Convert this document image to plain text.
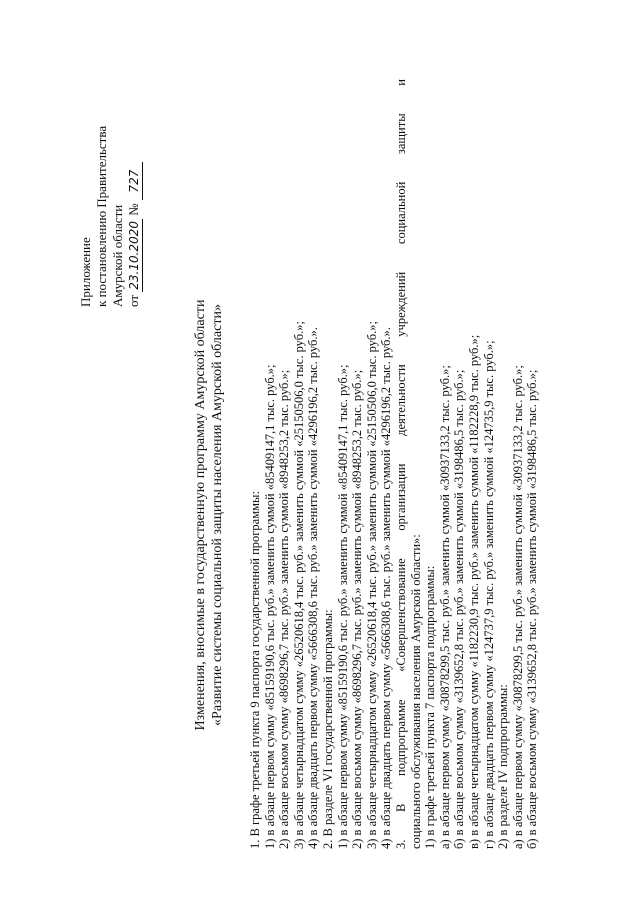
Приложение к постановлению Правительства Амурской области от 23.10.2020 № 727
Изменения, вносимые в государственную программу Амурской области «Развитие системы социальной защиты населения Амурской области» 1. В графе третьей пункта 9 паспорта государственной программы: 1) в абзаце первом сумму «85159190,6 тыс. руб.» заменить суммой «85409147,1 тыс. руб.»; 2) в абзаце восьмом сумму «8698296,7 тыс. руб.» заменить суммой «8948253,2 тыс. руб.»; 3) в абзаце четырнадцатом сумму «26520618,4 тыс. руб.» заменить суммой «25150506,0 тыс. руб.»; 4) в абзаце двадцать первом сумму «5666308,6 тыс. руб.» заменить суммой «4296196,2 тыс. руб.». 2. В разделе VI государственной программы: 1) в абзаце первом сумму «85159190,6 тыс. руб.» заменить суммой «85409147,1 тыс. руб.»; 2) в абзаце восьмом сумму «8698296,7 тыс. руб.» заменить суммой «8948253,2 тыс. руб.»; 3) в абзаце четырнадцатом сумму «26520618,4 тыс. руб.» заменить суммой «25150506,0 тыс. руб.»; 4) в абзаце двадцать первом сумму «5666308,6 тыс. руб.» заменить суммой «4296196,2 тыс. руб.». 3.
В
подпрограмме
«Совершенствование
организации
деятельности
учреждений
социальной
защиты
и
социального обслуживания населения Амурской области»: 1) в графе третьей пункта 7 паспорта подпрограммы: а) в абзаце первом сумму «30878299,5 тыс. руб.» заменить суммой «30937133,2 тыс. руб.»; б) в абзаце восьмом сумму «3139652,8 тыс. руб.» заменить суммой «3198486,5 тыс. руб.»; в) в абзаце четырнадцатом сумму «1182230,9 тыс. руб.» заменить суммой «1182228,9 тыс. руб.»; г) в абзаце двадцать первом сумму «124737,9 тыс. руб.» заменить суммой «124735,9 тыс. руб.»; 2) в разделе IV подпрограммы: а) в абзаце первом сумму «30878299,5 тыс. руб.» заменить суммой «30937133,2 тыс. руб.»; б) в абзаце восьмом сумму «3139652,8 тыс. руб.» заменить суммой «3198486,5 тыс. руб.»;
